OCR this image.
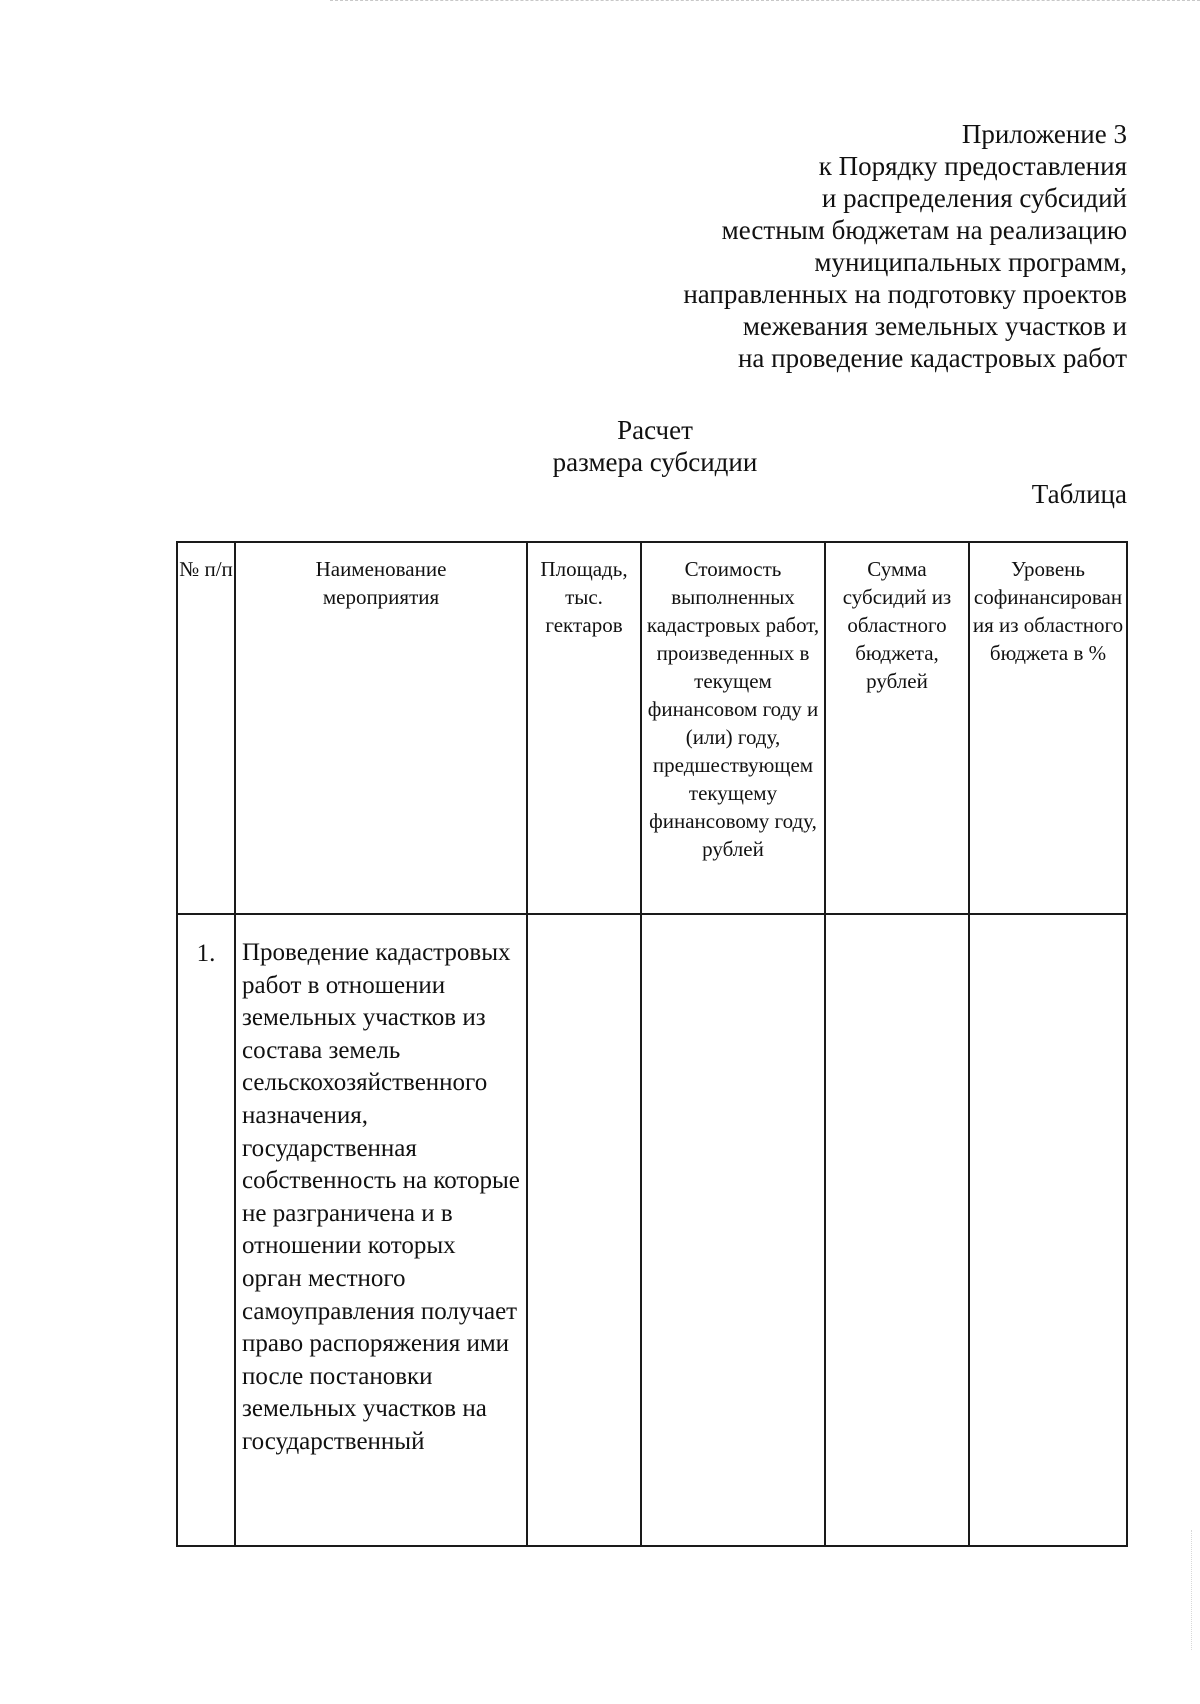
Приложение 3
к Порядку предоставления
и распределения субсидий
местным бюджетам на реализацию
муниципальных программ,
направленных на подготовку проектов
межевания земельных участков и
на проведение кадастровых работ
Расчет
размера субсидии
Таблица
№ п/п	Наименование мероприятия	Площадь, тыс. гектаров	Стоимость выполненных кадастровых работ, произведенных в текущем финансовом году и (или) году, предшествующем текущему финансовому году, рублей	Сумма субсидий из областного бюджета, рублей	Уровень софинансирования из областного бюджета в %
1.	Проведение кадастровых работ в отношении земельных участков из состава земель сельскохозяйственного назначения, государственная собственность на которые не разграничена и в отношении которых орган местного самоуправления получает право распоряжения ими после постановки земельных участков на государственный				
